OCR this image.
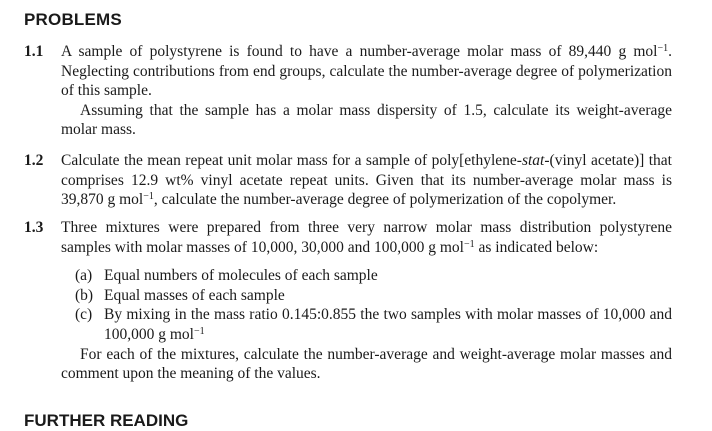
PROBLEMS
1.1 A sample of polystyrene is found to have a number-average molar mass of 89,440 g mol$^{-1}$. Neglecting contributions from end groups, calculate the number-average degree of polymerization of this sample.

Assuming that the sample has a molar mass dispersity of 1.5, calculate its weight-average molar mass.

1.2 Calculate the mean repeat unit molar mass for a sample of poly[ethylene-stat-(vinyl acetate)] that comprises 12.9 wt% vinyl acetate repeat units. Given that its number-average molar mass is 39,870 g mol$^{-1}$, calculate the number-average degree of polymerization of the copolymer.

1.3 Three mixtures were prepared from three very narrow molar mass distribution polystyrene samples with molar masses of 10,000, 30,000 and 100,000 g mol$^{-1}$ as indicated below:

(a) Equal numbers of molecules of each sample
(b) Equal masses of each sample
(c) By mixing in the mass ratio 0.145:0.855 the two samples with molar masses of 10,000 and 100,000 g mol$^{-1}$

For each of the mixtures, calculate the number-average and weight-average molar masses and comment upon the meaning of the values.

FURTHER READING
